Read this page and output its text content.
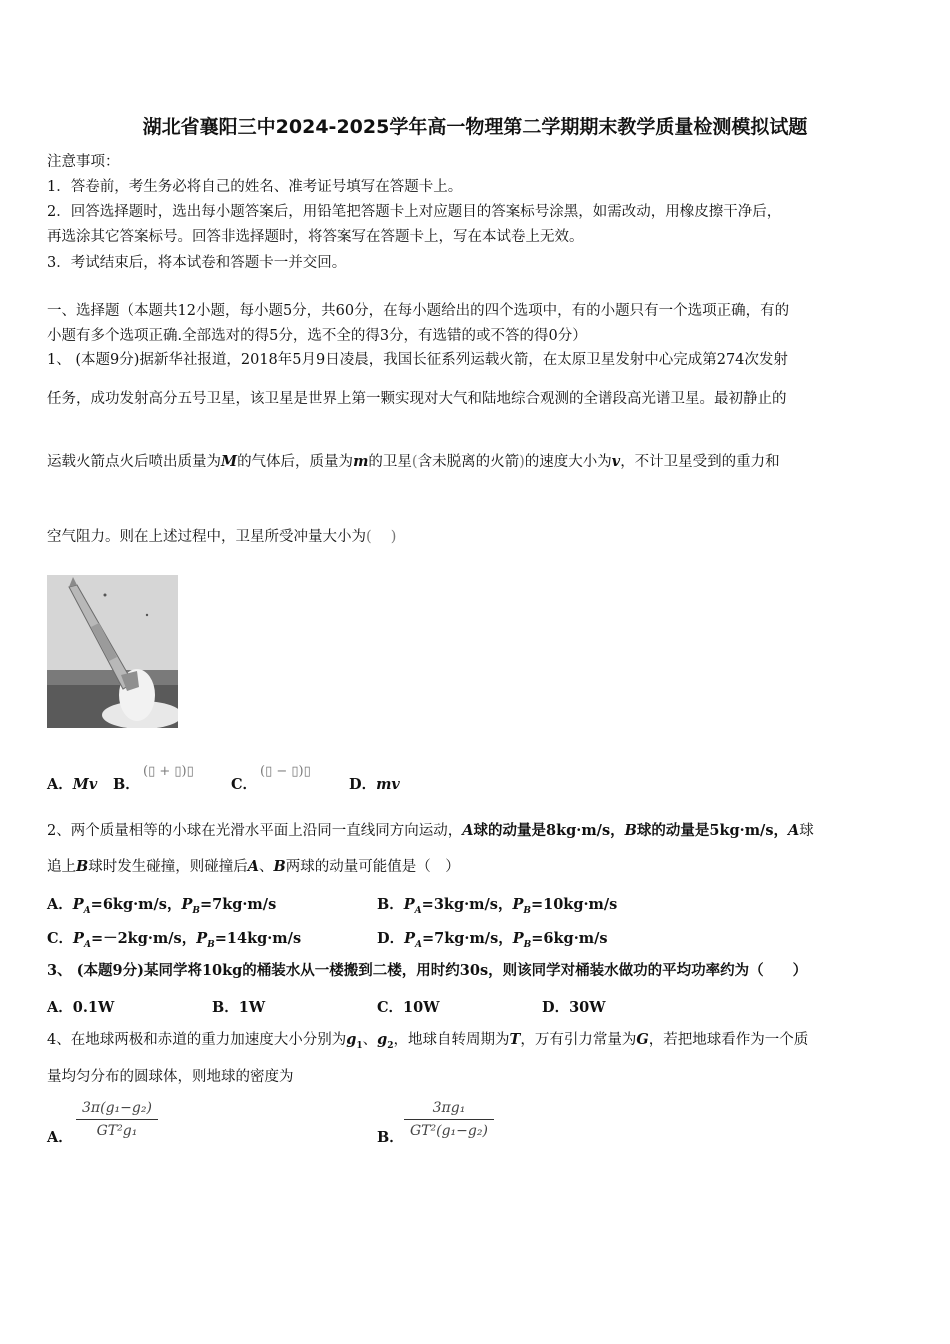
湖北省襄阳三中2024-2025学年高一物理第二学期期末教学质量检测模拟试题
注意事项：
1．答卷前，考生务必将自己的姓名、准考证号填写在答题卡上。
2．回答选择题时，选出每小题答案后，用铅笔把答题卡上对应题目的答案标号涂黑，如需改动，用橡皮擦干净后，
再选涂其它答案标号。回答非选择题时，将答案写在答题卡上，写在本试卷上无效。
3．考试结束后，将本试卷和答题卡一并交回。
一、选择题（本题共12小题，每小题5分，共60分，在每小题给出的四个选项中，有的小题只有一个选项正确，有的
小题有多个选项正确.全部选对的得5分，选不全的得3分，有选错的或不答的得0分）
1、 (本题9分)据新华社报道，2018年5月9日凌晨，我国长征系列运载火箭，在太原卫星发射中心完成第274次发射
任务，成功发射高分五号卫星，该卫星是世界上第一颗实现对大气和陆地综合观测的全谱段高光谱卫星。最初静止的
运载火箭点火后喷出质量为M的气体后，质量为m的卫星(含未脱离的火箭)的速度大小为v，不计卫星受到的重力和
空气阻力。则在上述过程中，卫星所受冲量大小为(　 )
A．Mv B．
(▯ + ▯)▯
C．
(▯ − ▯)▯
D．mv
2、两个质量相等的小球在光滑水平面上沿同一直线同方向运动，A球的动量是8kg·m/s，B球的动量是5kg·m/s，A球
追上B球时发生碰撞，则碰撞后A、B两球的动量可能值是（　）
A．$P_A=6kg\cdot m/s$，$P_B=7kg\cdot m/s$	B．$P_A=3kg\cdot m/s$，$P_B=10kg\cdot m/s$
C．$P_A=-2kg\cdot m/s$，$P_B=14kg\cdot m/s$	D．$P_A=7kg\cdot m/s$，$P_B=6kg\cdot m/s$
3、 (本题9分)某同学将10kg的桶装水从一楼搬到二楼，用时约30s，则该同学对桶装水做功的平均功率约为（　　）
A．0.1W	B．1W	C．10W	D．30W
4、在地球两极和赤道的重力加速度大小分别为$g_1$、$g_2$，地球自转周期为T，万有引力常量为G，若把地球看作为一个质
量均匀分布的圆球体，则地球的密度为
A． $\frac{\text{3π(g₁−g₂)}}{\text{GT²g₁}}$	B． $\frac{\text{3πg₁}}{\text{GT²(g₁−g₂)}}$
